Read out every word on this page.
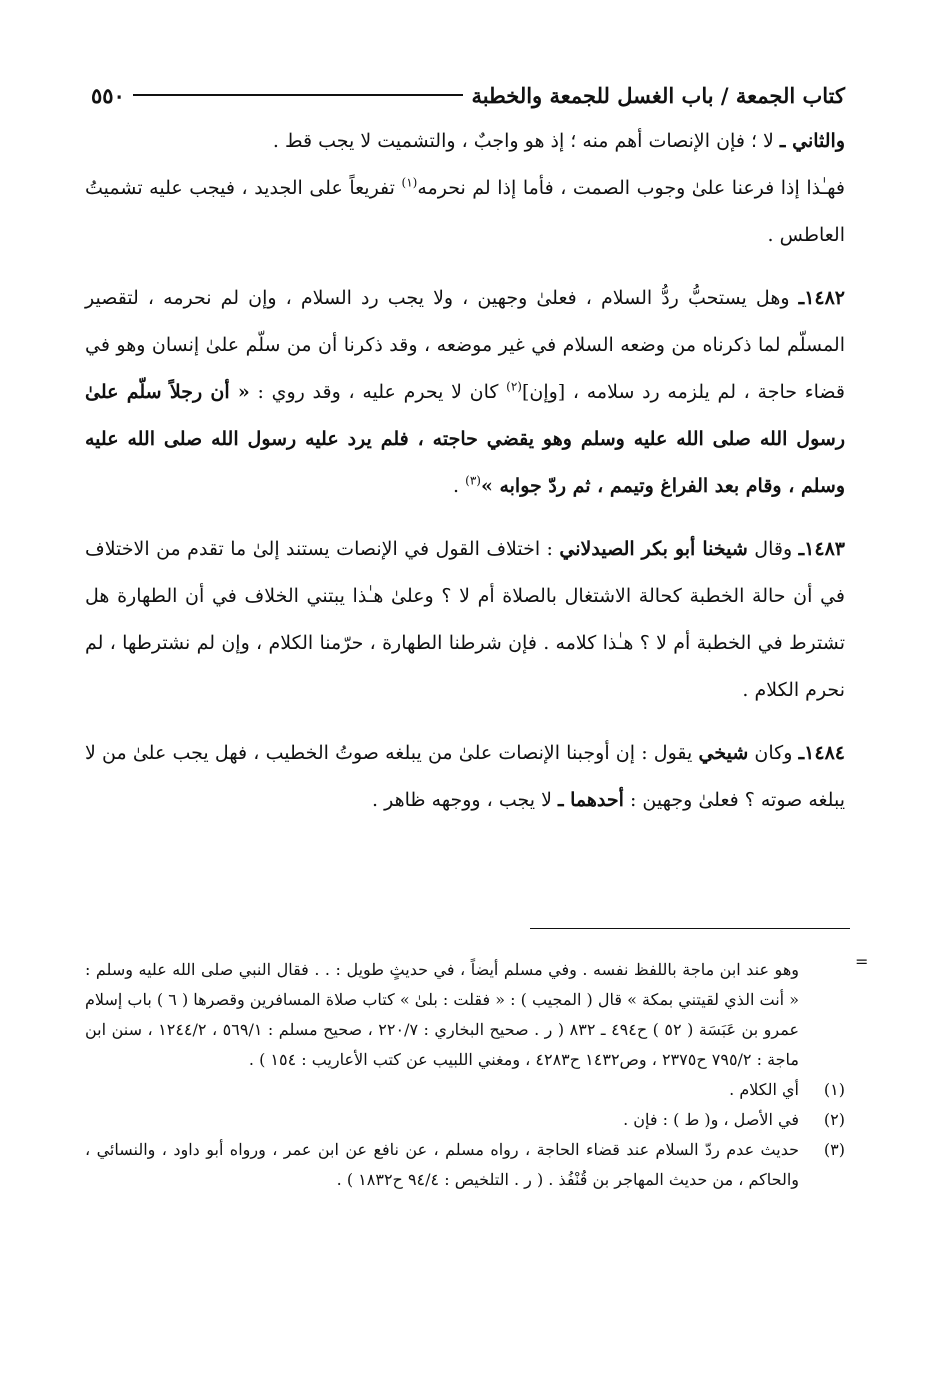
كتاب الجمعة / باب الغسل للجمعة والخطبة
٥٥٠

والثاني ـ لا ؛ فإن الإنصات أهم منه ؛ إذ هو واجبٌ ، والتشميت لا يجب قط .

فهـٰذا إذا فرعنا علىٰ وجوب الصمت ، فأما إذا لم نحرمه$^{(١)}$ تفريعاً على الجديد ، فيجب عليه تشميتُ العاطس .

١٤٨٢ـ وهل يستحبُّ ردُّ السلام ، فعلىٰ وجهين ، ولا يجب رد السلام ، وإن لم نحرمه ، لتقصير المسلّم لما ذكرناه من وضعه السلام في غير موضعه ، وقد ذكرنا أن من سلّم علىٰ إنسان وهو في قضاء حاجة ، لم يلزمه رد سلامه ، [وإن]$^{(٢)}$ كان لا يحرم عليه ، وقد روي : « أن رجلاً سلّم علىٰ رسول الله صلى الله عليه وسلم وهو يقضي حاجته ، فلم يرد عليه رسول الله صلى الله عليه وسلم ، وقام بعد الفراغ وتيمم ، ثم ردّ جوابه »$^{(٣)}$ .

١٤٨٣ـ وقال شيخنا أبو بكر الصيدلاني : اختلاف القول في الإنصات يستند إلىٰ ما تقدم من الاختلاف في أن حالة الخطبة كحالة الاشتغال بالصلاة أم لا ؟ وعلىٰ هـٰذا يبتني الخلاف في أن الطهارة هل تشترط في الخطبة أم لا ؟ هـٰذا كلامه . فإن شرطنا الطهارة ، حرّمنا الكلام ، وإن لم نشترطها ، لم نحرم الكلام .

١٤٨٤ـ وكان شيخي يقول : إن أوجبنا الإنصات علىٰ من يبلغه صوتُ الخطيب ، فهل يجب علىٰ من لا يبلغه صوته ؟ فعلىٰ وجهين : أحدهما ـ لا يجب ، ووجهه ظاهر .

=

وهو عند ابن ماجة باللفظ نفسه . وفي مسلم أيضاً ، في حديثٍ طويل : . . فقال النبي صلى الله عليه وسلم : « أنت الذي لقيتني بمكة » قال ( المجيب ) : « فقلت : بلىٰ » كتاب صلاة المسافرين وقصرها ( ٦ ) باب إسلام عمرو بن عَبَسَة ( ٥٢ ) ح٤٩٤ ـ ٨٣٢ ( ر . صحيح البخاري : ٢٢٠/٧ ، صحيح مسلم : ٥٦٩/١ ، ١٢٤٤/٢ ، سنن ابن ماجة : ٧٩٥/٢ ح٢٣٧٥ ، وص١٤٣٢ ح٤٢٨٣ ، ومغني اللبيب عن كتب الأعاريب : ١٥٤ ) .

(١)
أي الكلام .
(٢)
في الأصل ، و( ط ) : فإن .
(٣)
حديث عدم ردّ السلام عند قضاء الحاجة ، رواه مسلم ، عن نافع عن ابن عمر ، ورواه أبو داود ، والنسائي ، والحاكم ، من حديث المهاجر بن قُنْفُذ . ( ر . التلخيص : ٩٤/٤ ح١٨٣٢ ) .
